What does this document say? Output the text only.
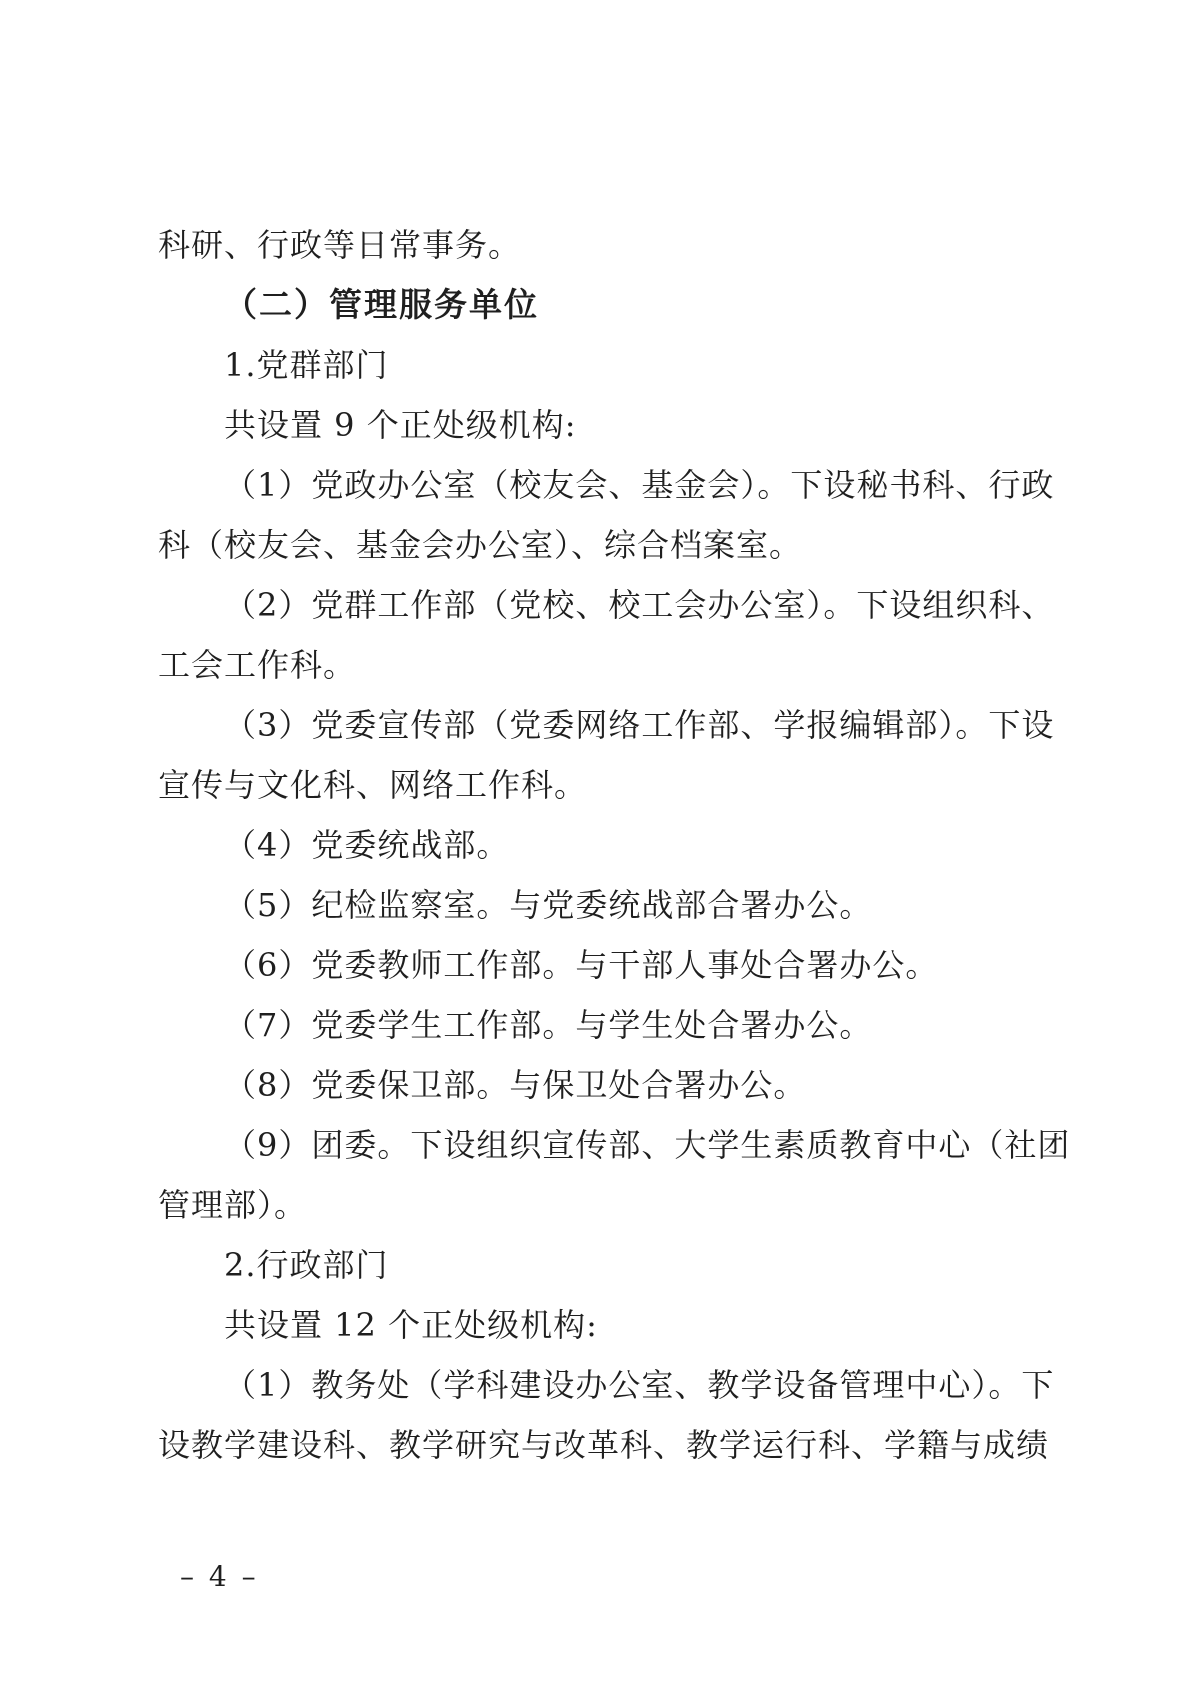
科研、行政等日常事务。
（二）管理服务单位
1.党群部门
共设置 9 个正处级机构:
（1）党政办公室（校友会、基金会）。下设秘书科、行政
科（校友会、基金会办公室）、综合档案室。
（2）党群工作部（党校、校工会办公室）。下设组织科、
工会工作科。
（3）党委宣传部（党委网络工作部、学报编辑部）。下设
宣传与文化科、网络工作科。
（4）党委统战部。
（5）纪检监察室。与党委统战部合署办公。
（6）党委教师工作部。与干部人事处合署办公。
（7）党委学生工作部。与学生处合署办公。
（8）党委保卫部。与保卫处合署办公。
（9）团委。下设组织宣传部、大学生素质教育中心（社团
管理部）。
2.行政部门
共设置 12 个正处级机构:
（1）教务处（学科建设办公室、教学设备管理中心）。下
设教学建设科、教学研究与改革科、教学运行科、学籍与成绩
– 4 –
